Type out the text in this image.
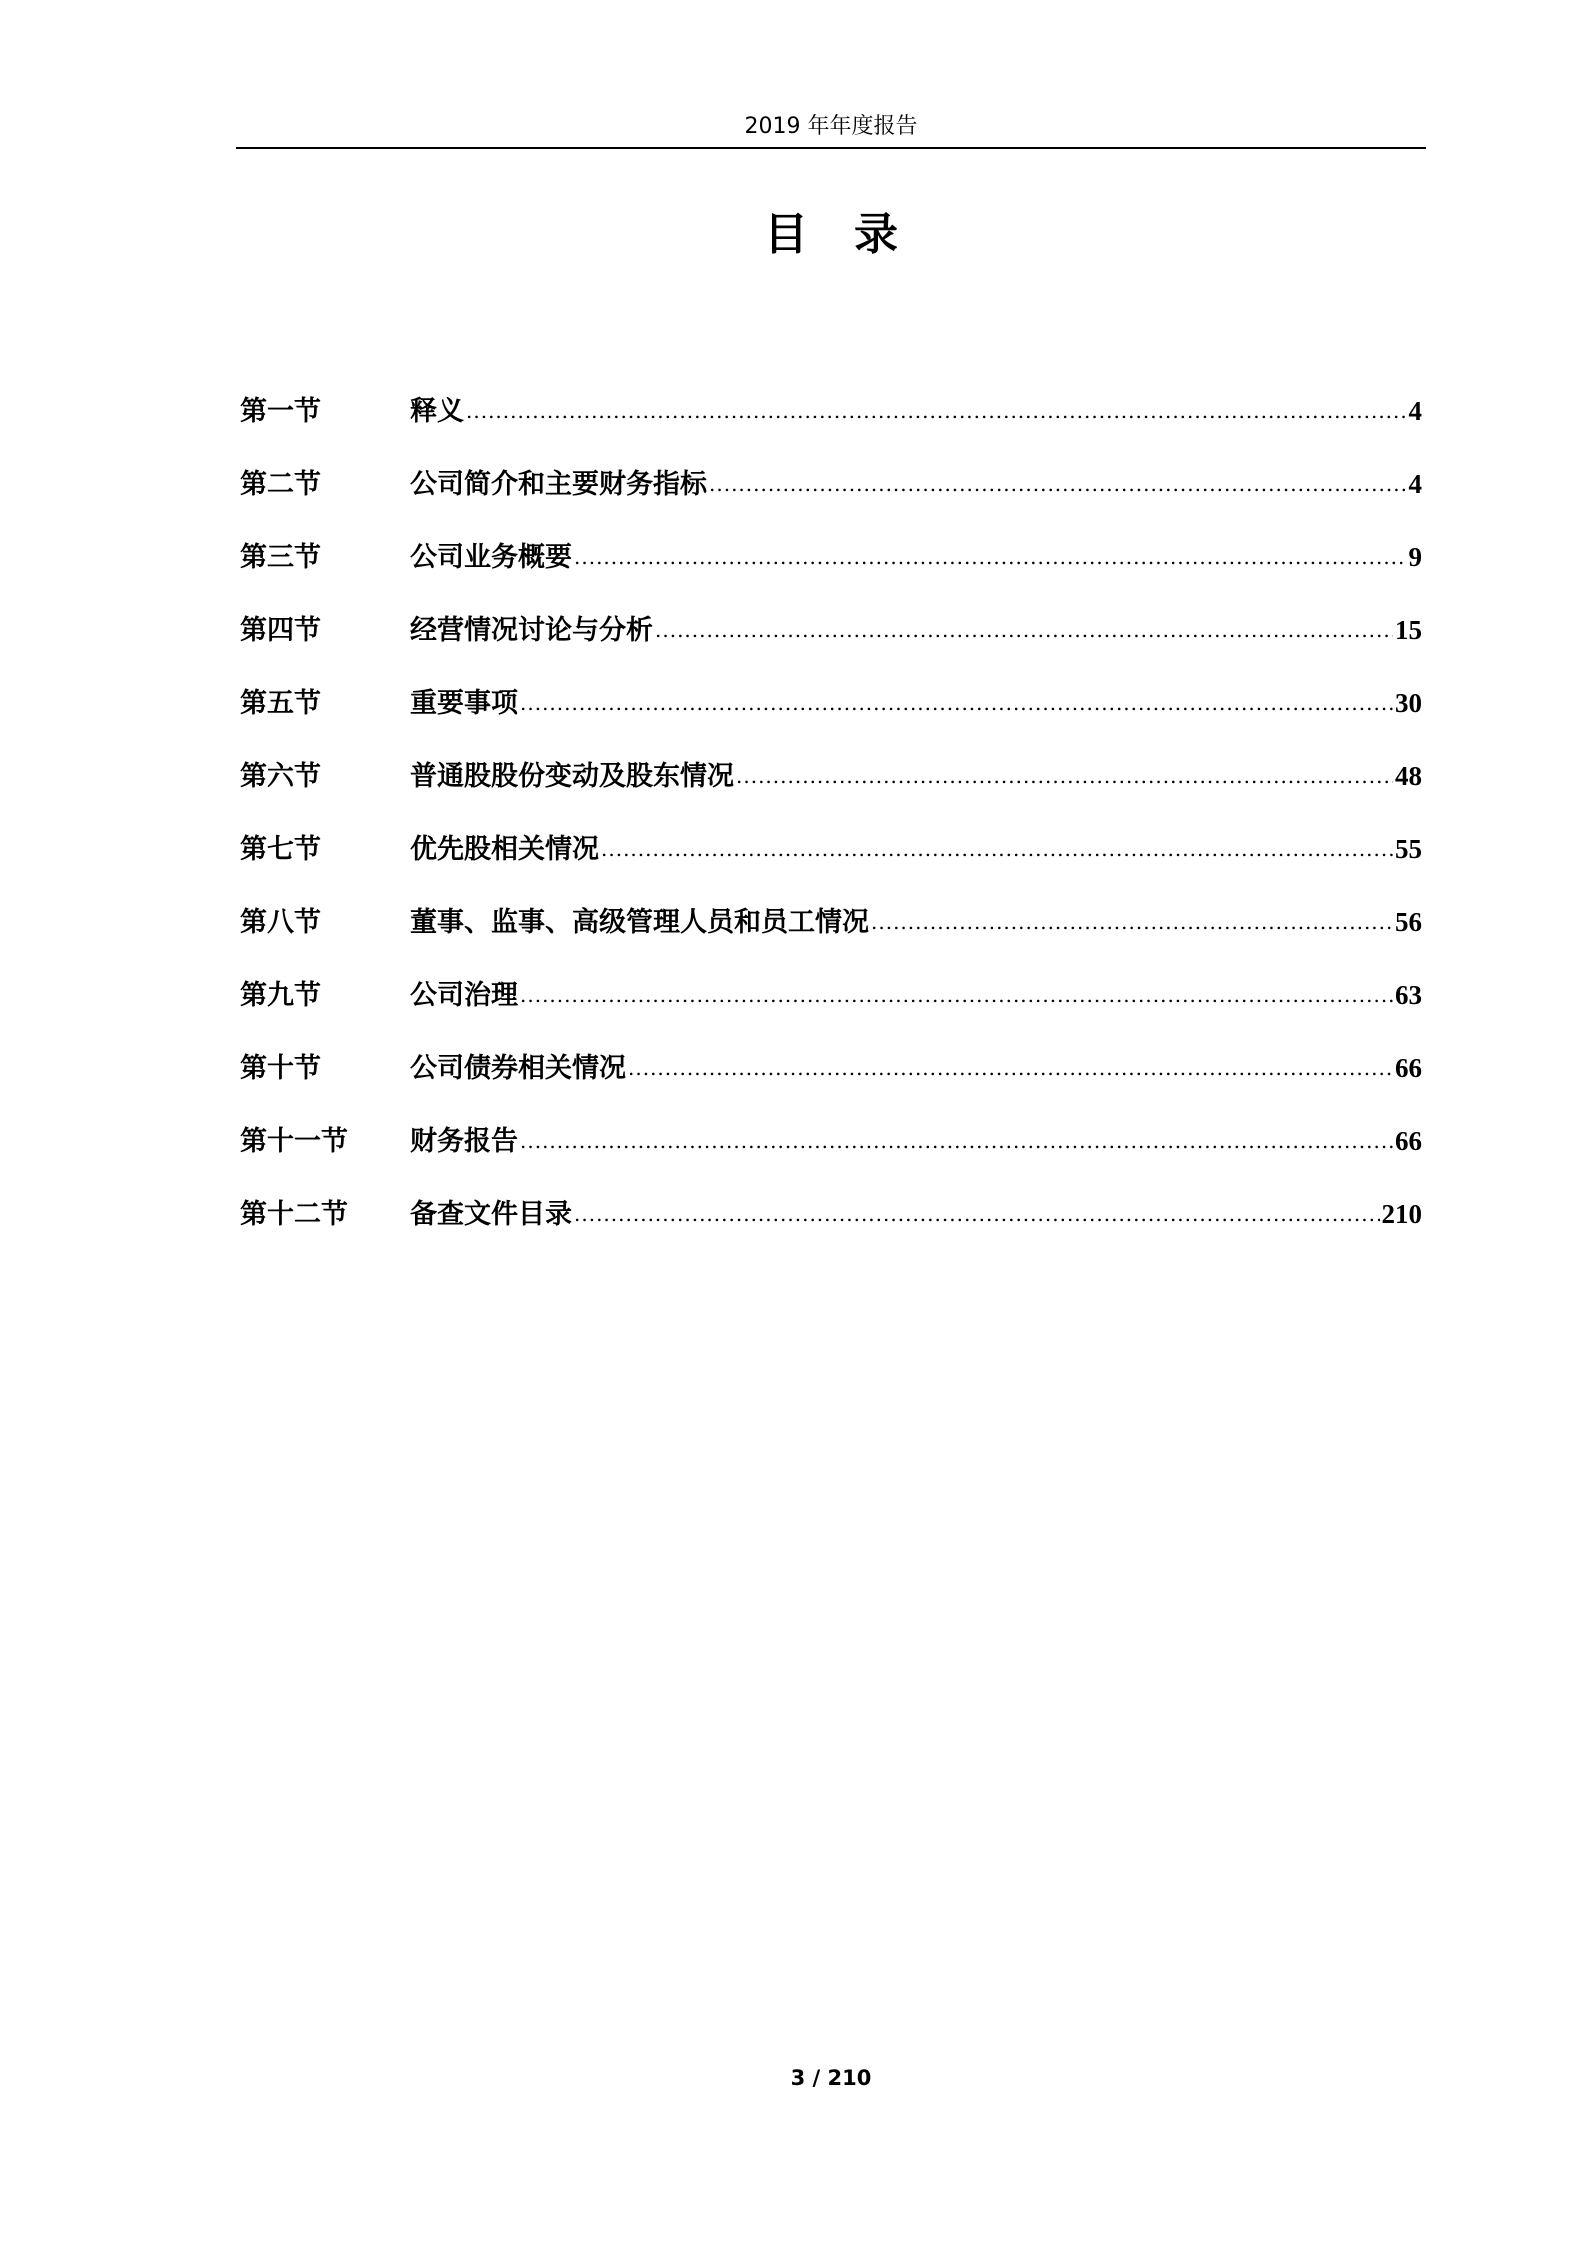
2019 年年度报告
目录
第一节	释义 .....	4
第二节	公司简介和主要财务指标 .....	4
第三节	公司业务概要 .....	9
第四节	经营情况讨论与分析 .....	15
第五节	重要事项 .....	30
第六节	普通股股份变动及股东情况 .....	48
第七节	优先股相关情况 .....	55
第八节	董事、监事、高级管理人员和员工情况 .....	56
第九节	公司治理 .....	63
第十节	公司债券相关情况 .....	66
第十一节	财务报告 .....	66
第十二节	备查文件目录 .....	210
3 / 210
